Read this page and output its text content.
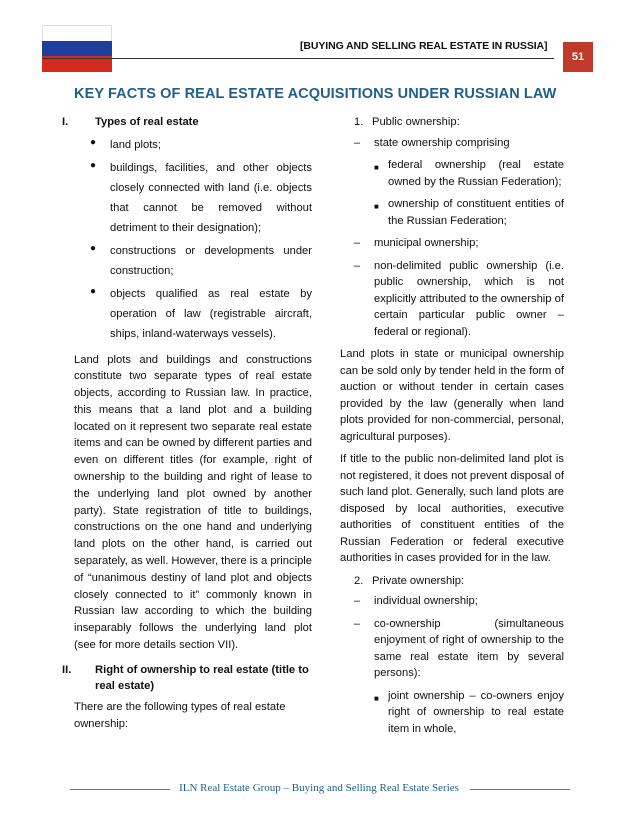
[BUYING AND SELLING REAL ESTATE IN RUSSIA]
51
KEY FACTS OF REAL ESTATE ACQUISITIONS UNDER RUSSIAN LAW
I.	Types of real estate
●	land plots;
●	buildings, facilities, and other objects closely connected with land (i.e. objects that cannot be removed without detriment to their designation);
●	constructions or developments under construction;
●	objects qualified as real estate by operation of law (registrable aircraft, ships, inland-waterways vessels).

Land plots and buildings and constructions constitute two separate types of real estate objects, according to Russian law. In practice, this means that a land plot and a building located on it represent two separate real estate items and can be owned by different parties and even on different titles (for example, right of ownership to the building and right of lease to the underlying land plot owned by another party). State registration of title to buildings, constructions on the one hand and underlying land plots on the other hand, is carried out separately, as well. However, there is a principle of “unanimous destiny of land plot and objects closely connected to it” commonly known in Russian law according to which the building inseparably follows the underlying land plot (see for more details section VII).

II.	Right of ownership to real estate (title to real estate)

There are the following types of real estate ownership:

1. Public ownership:
–	state ownership comprising
■ federal ownership (real estate owned by the Russian Federation);
■ ownership of constituent entities of the Russian Federation;
–	municipal ownership;
–	non-delimited public ownership (i.e. public ownership, which is not explicitly attributed to the ownership of certain particular public owner – federal or regional).

Land plots in state or municipal ownership can be sold only by tender held in the form of auction or without tender in certain cases provided by the law (generally when land plots provided for non-commercial, personal, agricultural purposes).

If title to the public non-delimited land plot is not registered, it does not prevent disposal of such land plot. Generally, such land plots are disposed by local authorities, executive authorities of constituent entities of the Russian Federation or federal executive authorities in cases provided for in the law.

2. Private ownership:
–	individual ownership;
–	co-ownership (simultaneous enjoyment of right of ownership to the same real estate item by several persons):
■ joint ownership – co-owners enjoy right of ownership to real estate item in whole,
ILN Real Estate Group – Buying and Selling Real Estate Series
